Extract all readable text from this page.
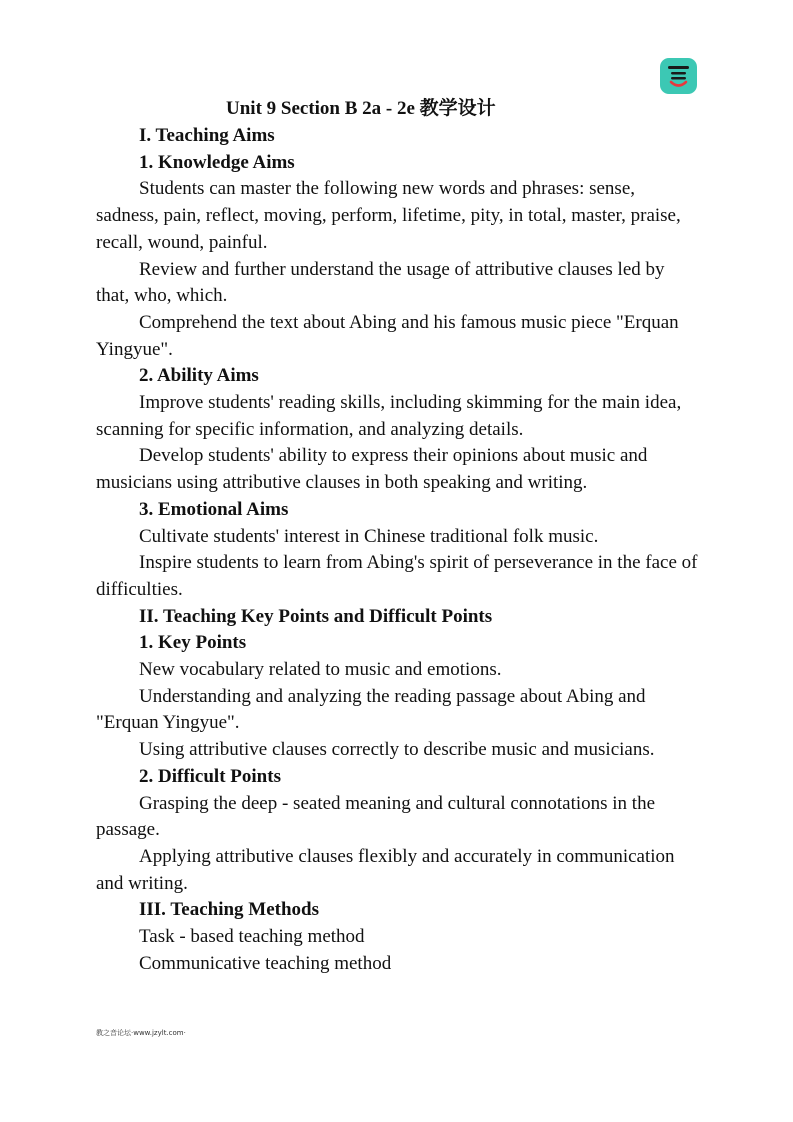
Unit 9 Section B 2a - 2e 教学设计

I. Teaching Aims

1. Knowledge Aims

Students can master the following new words and phrases: sense, sadness, pain, reflect, moving, perform, lifetime, pity, in total, master, praise, recall, wound, painful.

Review and further understand the usage of attributive clauses led by that, who, which.

Comprehend the text about Abing and his famous music piece "Erquan Yingyue".

2. Ability Aims

Improve students' reading skills, including skimming for the main idea, scanning for specific information, and analyzing details.

Develop students' ability to express their opinions about music and musicians using attributive clauses in both speaking and writing.

3. Emotional Aims

Cultivate students' interest in Chinese traditional folk music.

Inspire students to learn from Abing's spirit of perseverance in the face of difficulties.

II. Teaching Key Points and Difficult Points

1. Key Points

New vocabulary related to music and emotions.

Understanding and analyzing the reading passage about Abing and "Erquan Yingyue".

Using attributive clauses correctly to describe music and musicians.

2. Difficult Points

Grasping the deep - seated meaning and cultural connotations in the passage.

Applying attributive clauses flexibly and accurately in communication and writing.

III. Teaching Methods

Task - based teaching method

Communicative teaching method

教之音论坛·www.jzylt.com·
